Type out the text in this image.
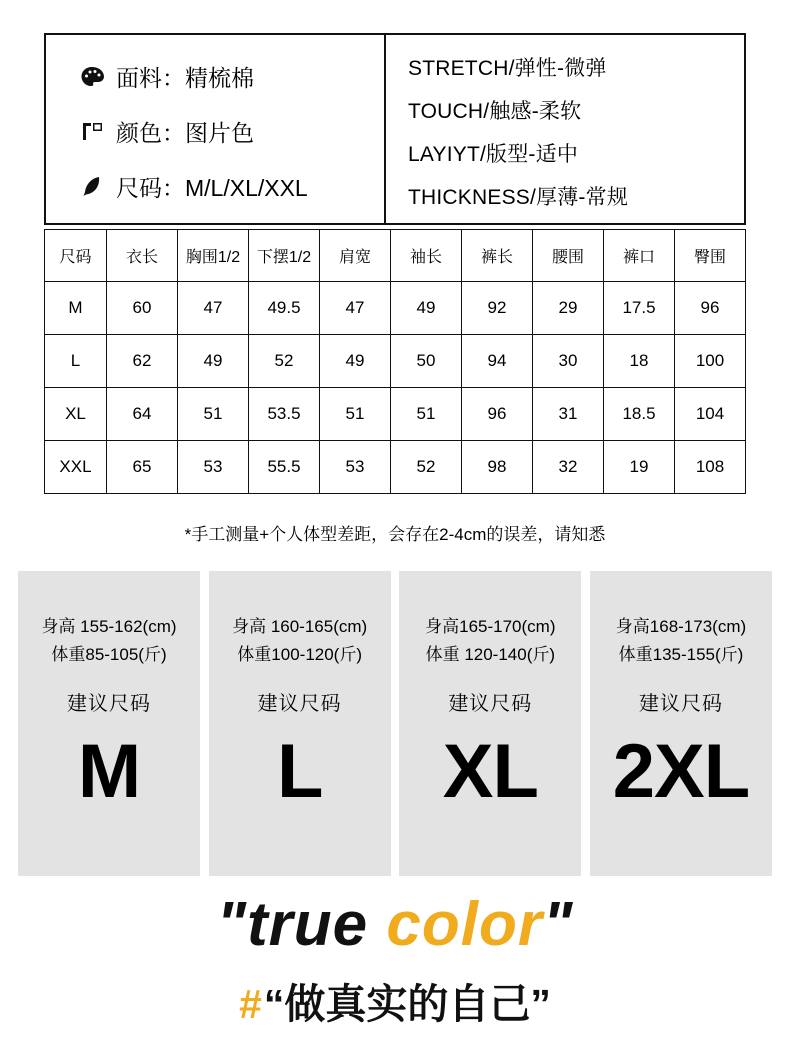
面料：精梳棉
颜色：图片色
尺码：M/L/XL/XXL
STRETCH/弹性-微弹
TOUCH/触感-柔软
LAYIYT/版型-适中
THICKNESS/厚薄-常规
尺码	衣长	胸围1/2	下摆1/2	肩宽	袖长	裤长	腰围	裤口	臀围
M	60	47	49.5	47	49	92	29	17.5	96
L	62	49	52	49	50	94	30	18	100
XL	64	51	53.5	51	51	96	31	18.5	104
XXL	65	53	55.5	53	52	98	32	19	108
*手工测量+个人体型差距，会存在2-4cm的误差，请知悉
身高 155-162(cm)
体重85-105(斤)
建议尺码
M
身高 160-165(cm)
体重100-120(斤)
建议尺码
L
身高165-170(cm)
体重 120-140(斤)
建议尺码
XL
身高168-173(cm)
体重135-155(斤)
建议尺码
2XL
"true color"
#“做真实的自己”
